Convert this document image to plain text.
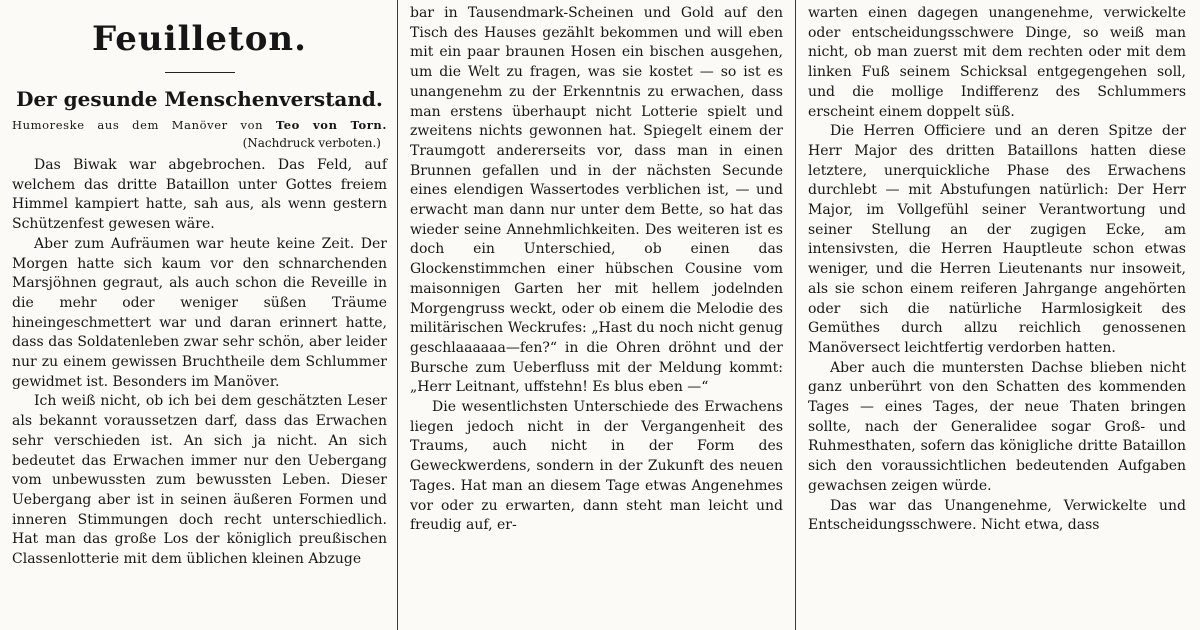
Feuilleton.
Der gesunde Menschenverstand.
Humoreske aus dem Manöver von Teo von Torn.
(Nachdruck verboten.)

Das Biwak war abgebrochen. Das Feld, auf welchem das dritte Bataillon unter Gottes freiem Himmel kampiert hatte, sah aus, als wenn gestern Schützenfest gewesen wäre.

Aber zum Aufräumen war heute keine Zeit. Der Morgen hatte sich kaum vor den schnarchenden Marsjöhnen gegraut, als auch schon die Reveille in die mehr oder weniger süßen Träume hineingeschmettert war und daran erinnert hatte, dass das Soldatenleben zwar sehr schön, aber leider nur zu einem gewissen Bruchtheile dem Schlummer gewidmet ist. Besonders im Manöver.

Ich weiß nicht, ob ich bei dem geschätzten Leser als bekannt voraussetzen darf, dass das Erwachen sehr verschieden ist. An sich ja nicht. An sich bedeutet das Erwachen immer nur den Uebergang vom unbewussten zum bewussten Leben. Dieser Uebergang aber ist in seinen äußeren Formen und inneren Stimmungen doch recht unterschiedlich. Hat man das große Los der königlich preußischen Classenlotterie mit dem üblichen kleinen Abzuge

bar in Tausendmark-Scheinen und Gold auf den Tisch des Hauses gezählt bekommen und will eben mit ein paar braunen Hosen ein bischen ausgehen, um die Welt zu fragen, was sie kostet — so ist es unangenehm zu der Erkenntnis zu erwachen, dass man erstens überhaupt nicht Lotterie spielt und zweitens nichts gewonnen hat. Spiegelt einem der Traumgott andererseits vor, dass man in einen Brunnen gefallen und in der nächsten Secunde eines elendigen Wassertodes verblichen ist, — und erwacht man dann nur unter dem Bette, so hat das wieder seine Annehmlichkeiten. Des weiteren ist es doch ein Unterschied, ob einen das Glockenstimmchen einer hübschen Cousine vom maisonnigen Garten her mit hellem jodelnden Morgengruss weckt, oder ob einem die Melodie des militärischen Weckrufes: „Hast du noch nicht genug geschlaaaaaa—fen?“ in die Ohren dröhnt und der Bursche zum Ueberfluss mit der Meldung kommt: „Herr Leitnant, uffstehn! Es blus eben —“

Die wesentlichsten Unterschiede des Erwachens liegen jedoch nicht in der Vergangenheit des Traums, auch nicht in der Form des Geweckwerdens, sondern in der Zukunft des neuen Tages. Hat man an diesem Tage etwas Angenehmes vor oder zu erwarten, dann steht man leicht und freudig auf, er-

warten einen dagegen unangenehme, verwickelte oder entscheidungsschwere Dinge, so weiß man nicht, ob man zuerst mit dem rechten oder mit dem linken Fuß seinem Schicksal entgegengehen soll, und die mollige Indifferenz des Schlummers erscheint einem doppelt süß.

Die Herren Officiere und an deren Spitze der Herr Major des dritten Bataillons hatten diese letztere, unerquickliche Phase des Erwachens durchlebt — mit Abstufungen natürlich: Der Herr Major, im Vollgefühl seiner Verantwortung und seiner Stellung an der zugigen Ecke, am intensivsten, die Herren Hauptleute schon etwas weniger, und die Herren Lieutenants nur insoweit, als sie schon einem reiferen Jahrgange angehörten oder sich die natürliche Harmlosigkeit des Gemüthes durch allzu reichlich genossenen Manöversect leichtfertig verdorben hatten.

Aber auch die muntersten Dachse blieben nicht ganz unberührt von den Schatten des kommenden Tages — eines Tages, der neue Thaten bringen sollte, nach der Generalidee sogar Groß- und Ruhmesthaten, sofern das königliche dritte Bataillon sich den voraussichtlichen bedeutenden Aufgaben gewachsen zeigen würde.

Das war das Unangenehme, Verwickelte und Entscheidungsschwere. Nicht etwa, dass
